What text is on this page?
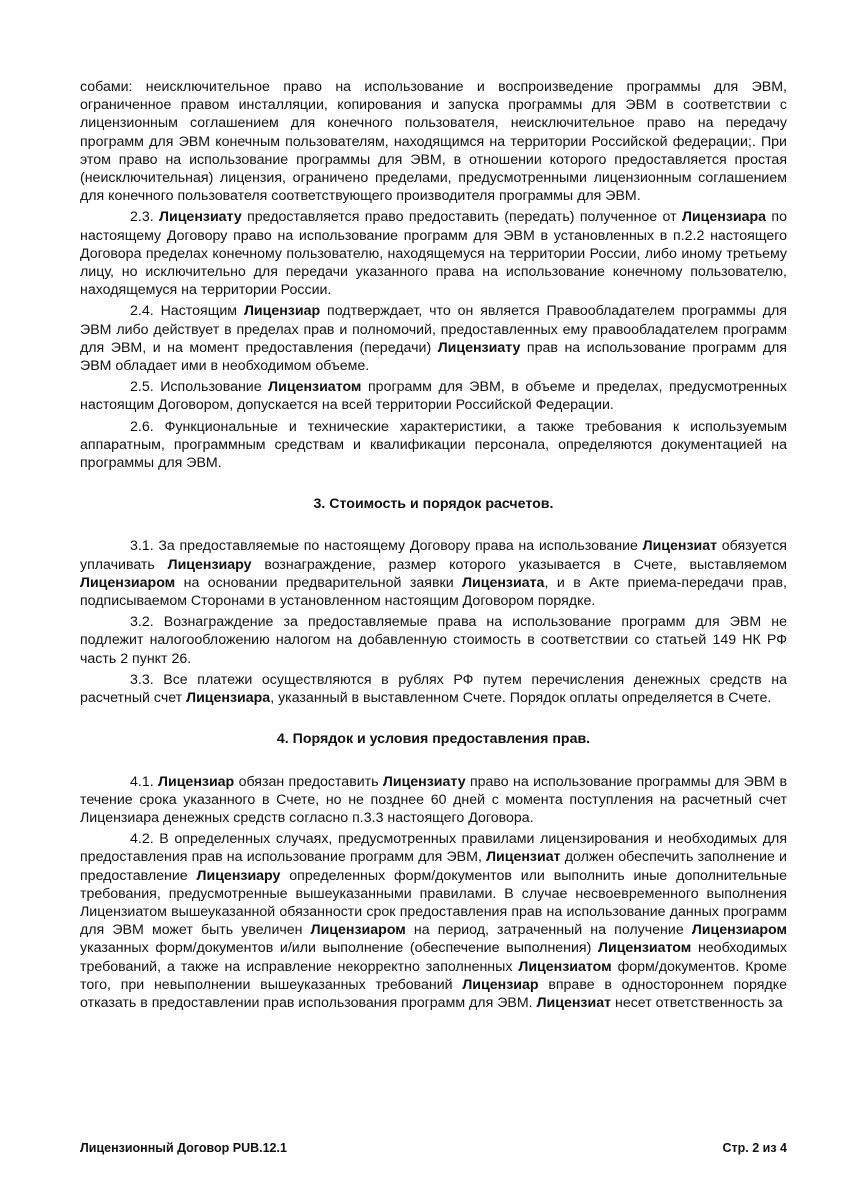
собами: неисключительное право на использование и воспроизведение программы для ЭВМ, ограниченное правом инсталляции, копирования и запуска программы для ЭВМ в соответствии с лицензионным соглашением для конечного пользователя, неисключительное право на передачу программ для ЭВМ конечным пользователям, находящимся на территории Российской федерации;. При этом право на использование программы для ЭВМ, в отношении которого предоставляется простая (неисключительная) лицензия, ограничено пределами, предусмотренными лицензионным соглашением для конечного пользователя соответствующего производителя программы для ЭВМ.

2.3. Лицензиату предоставляется право предоставить (передать) полученное от Лицензиара по настоящему Договору право на использование программ для ЭВМ в установленных в п.2.2 настоящего Договора пределах конечному пользователю, находящемуся на территории России, либо иному третьему лицу, но исключительно для передачи указанного права на использование конечному пользователю, находящемуся на территории России.

2.4. Настоящим Лицензиар подтверждает, что он является Правообладателем программы для ЭВМ либо действует в пределах прав и полномочий, предоставленных ему правообладателем программ для ЭВМ, и на момент предоставления (передачи) Лицензиату прав на использование программ для ЭВМ обладает ими в необходимом объеме.

2.5. Использование Лицензиатом программ для ЭВМ, в объеме и пределах, предусмотренных настоящим Договором, допускается на всей территории Российской Федерации.

2.6. Функциональные и технические характеристики, а также требования к используемым аппаратным, программным средствам и квалификации персонала, определяются документацией на программы для ЭВМ.

3. Стоимость и порядок расчетов.

3.1. За предоставляемые по настоящему Договору права на использование Лицензиат обязуется уплачивать Лицензиару вознаграждение, размер которого указывается в Счете, выставляемом Лицензиаром на основании предварительной заявки Лицензиата, и в Акте приема-передачи прав, подписываемом Сторонами в установленном настоящим Договором порядке.

3.2. Вознаграждение за предоставляемые права на использование программ для ЭВМ не подлежит налогообложению налогом на добавленную стоимость в соответствии со статьей 149 НК РФ часть 2 пункт 26.

3.3. Все платежи осуществляются в рублях РФ путем перечисления денежных средств на расчетный счет Лицензиара, указанный в выставленном Счете. Порядок оплаты определяется в Счете.

4. Порядок и условия предоставления прав.

4.1. Лицензиар обязан предоставить Лицензиату право на использование программы для ЭВМ в течение срока указанного в Счете, но не позднее 60 дней с момента поступления на расчетный счет Лицензиара денежных средств согласно п.3.3 настоящего Договора.

4.2. В определенных случаях, предусмотренных правилами лицензирования и необходимых для предоставления прав на использование программ для ЭВМ, Лицензиат должен обеспечить заполнение и предоставление Лицензиару определенных форм/документов или выполнить иные дополнительные требования, предусмотренные вышеуказанными правилами. В случае несвоевременного выполнения Лицензиатом вышеуказанной обязанности срок предоставления прав на использование данных программ для ЭВМ может быть увеличен Лицензиаром на период, затраченный на получение Лицензиаром указанных форм/документов и/или выполнение (обеспечение выполнения) Лицензиатом необходимых требований, а также на исправление некорректно заполненных Лицензиатом форм/документов. Кроме того, при невыполнении вышеуказанных требований Лицензиар вправе в одностороннем порядке отказать в предоставлении прав использования программ для ЭВМ. Лицензиат несет ответственность за

Лицензионный Договор PUB.12.1	Стр. 2 из 4
